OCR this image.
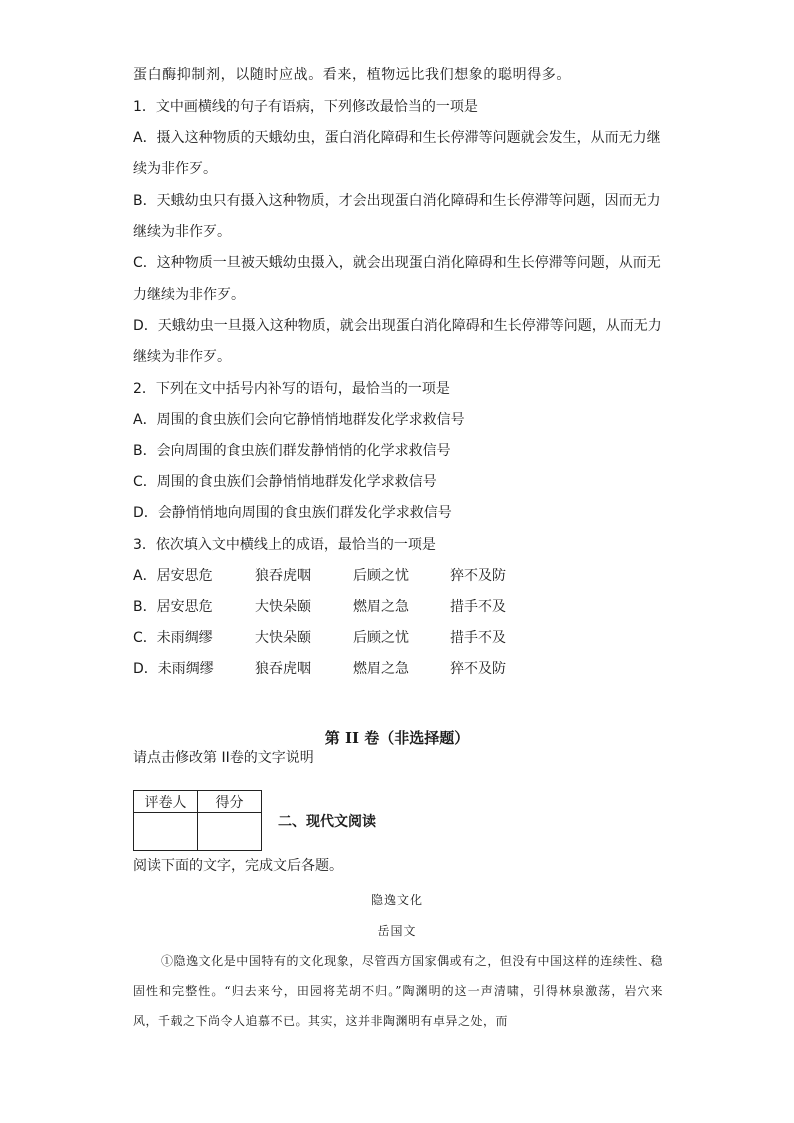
蛋白酶抑制剂，以随时应战。看来，植物远比我们想象的聪明得多。
1．文中画横线的句子有语病，下列修改最恰当的一项是
A．摄入这种物质的天蛾幼虫，蛋白消化障碍和生长停滞等问题就会发生，从而无力继
续为非作歹。
B．天蛾幼虫只有摄入这种物质，才会出现蛋白消化障碍和生长停滞等问题，因而无力
继续为非作歹。
C．这种物质一旦被天蛾幼虫摄入，就会出现蛋白消化障碍和生长停滞等问题，从而无
力继续为非作歹。
D．天蛾幼虫一旦摄入这种物质，就会出现蛋白消化障碍和生长停滞等问题，从而无力
继续为非作歹。
2．下列在文中括号内补写的语句，最恰当的一项是
A．周围的食虫族们会向它静悄悄地群发化学求救信号
B．会向周围的食虫族们群发静悄悄的化学求救信号
C．周围的食虫族们会静悄悄地群发化学求救信号
D．会静悄悄地向周围的食虫族们群发化学求救信号
3．依次填入文中横线上的成语，最恰当的一项是
A．居安思危	狼吞虎咽	后顾之忧	猝不及防
B．居安思危	大快朵颐	燃眉之急	措手不及
C．未雨绸缪	大快朵颐	后顾之忧	措手不及
D．未雨绸缪	狼吞虎咽	燃眉之急	猝不及防
第 II 卷（非选择题）
请点击修改第 II卷的文字说明
评卷人	得分

二、现代文阅读
阅读下面的文字，完成文后各题。
隐逸文化
岳国文
①隐逸文化是中国特有的文化现象，尽管西方国家偶或有之，但没有中国这样的连续性、稳固性和完整性。“归去来兮，田园将芜胡不归。”陶渊明的这一声清啸，引得林泉激荡，岩穴来风，千载之下尚令人追慕不已。其实，这并非陶渊明有卓异之处，而
